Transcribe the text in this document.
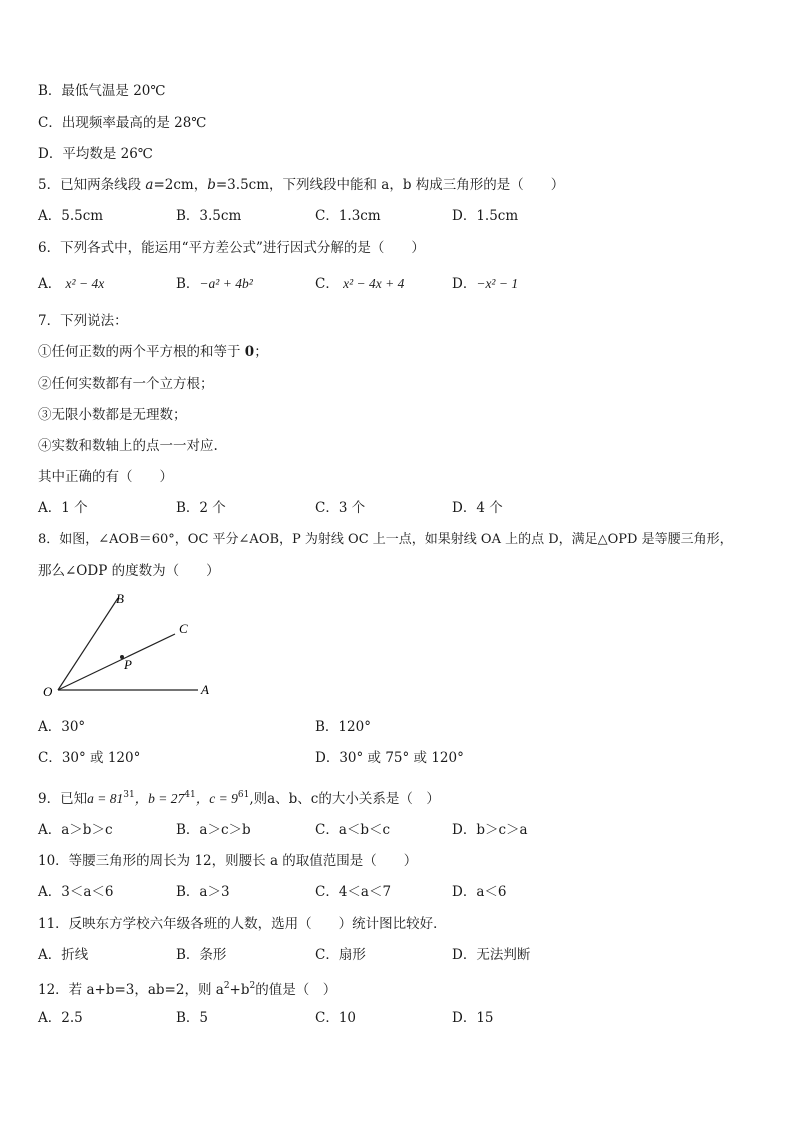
B．最低气温是 20℃
C．出现频率最高的是 28℃
D．平均数是 26℃
5．已知两条线段 a=2cm，b=3.5cm，下列线段中能和 a，b 构成三角形的是（　　）
A．5.5cm	B．3.5cm	C．1.3cm	D．1.5cm
6．下列各式中，能运用“平方差公式”进行因式分解的是（　　）
A． x² − 4x	B．−a² + 4b²	C． x² − 4x + 4	D．−x² − 1
7．下列说法：
①任何正数的两个平方根的和等于 0；
②任何实数都有一个立方根；
③无限小数都是无理数；
④实数和数轴上的点一一对应.
其中正确的有（　　）
A．1 个	B．2 个	C．3 个	D．4 个
8．如图，∠AOB＝60°，OC 平分∠AOB，P 为射线 OC 上一点，如果射线 OA 上的点 D，满足△OPD 是等腰三角形，
那么∠ODP 的度数为（　　）
B
C
P
O	A
A．30°	B．120°
C．30° 或 120°	D．30° 或 75° 或 120°
9．已知$a = 81^{31}$，$b = 27^{41}$，$c = 9^{61}$,则a、b、c的大小关系是（　）
A．a＞b＞c	B．a＞c＞b	C．a＜b＜c	D．b＞c＞a
10．等腰三角形的周长为 12，则腰长 a 的取值范围是（　　）
A．3＜a＜6	B．a＞3	C．4＜a＜7	D．a＜6
11．反映东方学校六年级各班的人数，选用（　　）统计图比较好．
A．折线	B．条形	C．扇形	D．无法判断
12．若 a+b=3，ab=2，则 $a^2+b^2$的值是（　）
A．2.5	B．5	C．10	D．15
